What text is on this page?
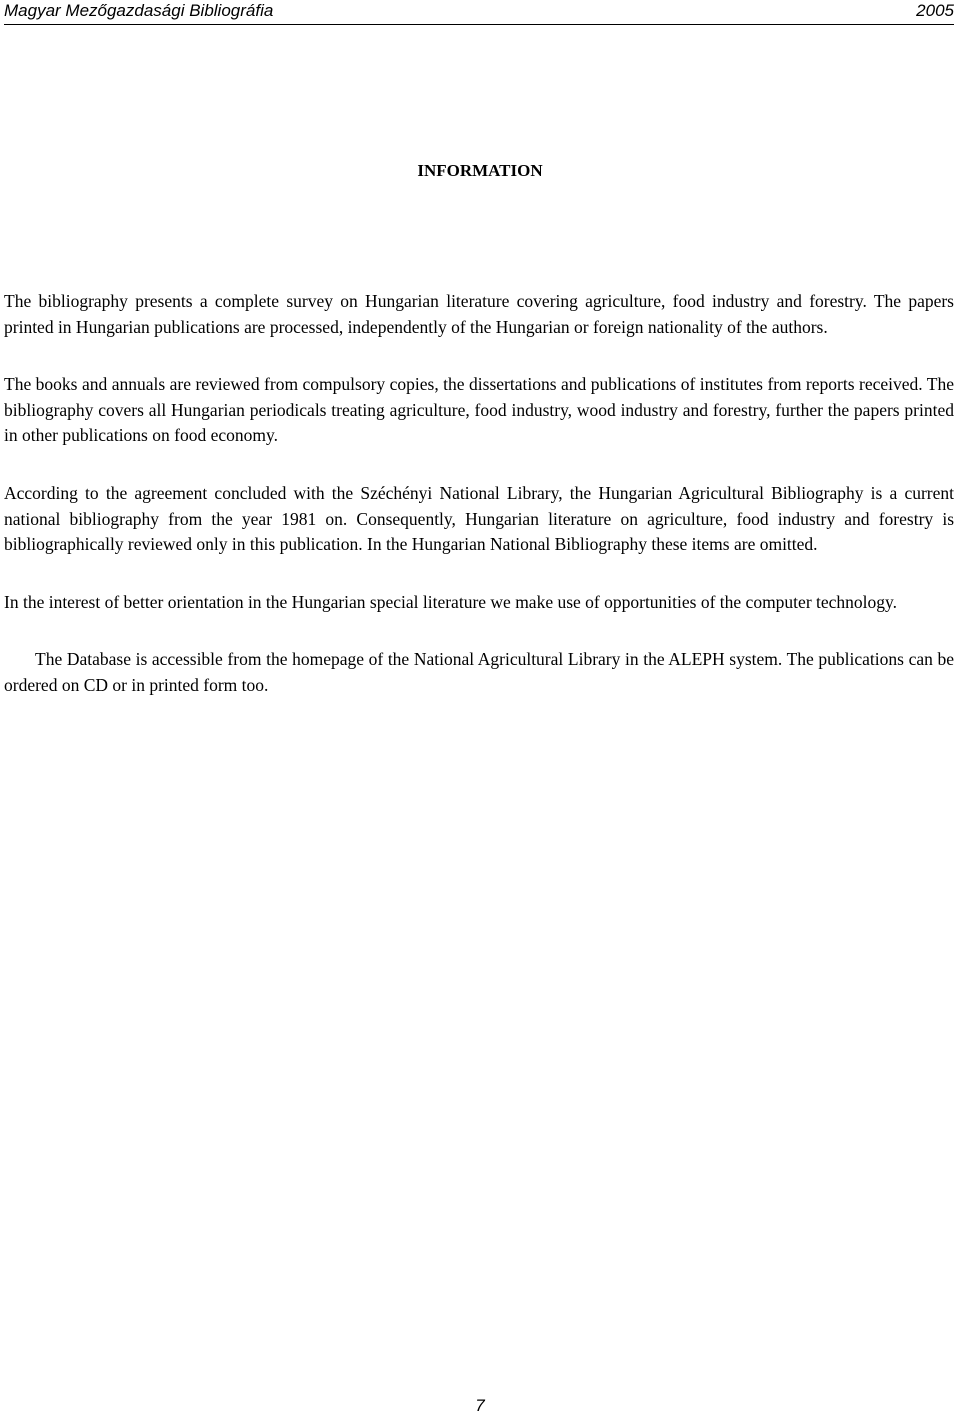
Magyar Mezőgazdasági Bibliográfia	2005
INFORMATION

The bibliography presents a complete survey on Hungarian literature covering agriculture, food industry and forestry. The papers printed in Hungarian publications are processed, independently of the Hungarian or foreign nationality of the authors.

The books and annuals are reviewed from compulsory copies, the dissertations and publications of institutes from reports received. The bibliography covers all Hungarian periodicals treating agriculture, food industry, wood industry and forestry, further the papers printed in other publications on food economy.

According to the agreement concluded with the Széchényi National Library, the Hungarian Agricultural Bibliography is a current national bibliography from the year 1981 on. Consequently, Hungarian literature on agriculture, food industry and forestry is bibliographically reviewed only in this publication. In the Hungarian National Bibliography these items are omitted.

In the interest of better orientation in the Hungarian special literature we make use of opportunities of the computer technology.

The Database is accessible from the homepage of the National Agricultural Library in the ALEPH system. The publications can be ordered on CD or in printed form too.

7
